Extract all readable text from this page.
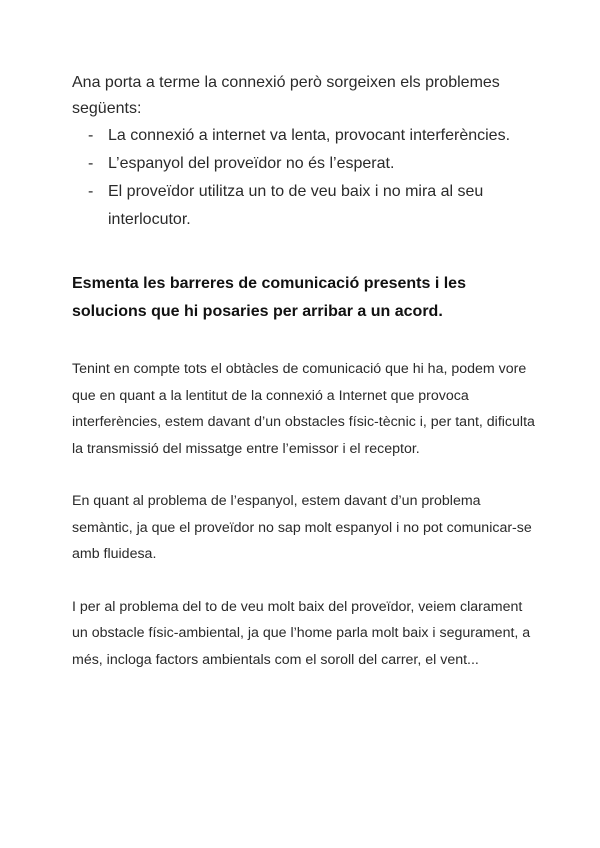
Ana porta a terme la connexió però sorgeixen els problemes següents:

- La connexió a internet va lenta, provocant interferències.
- L’espanyol del proveïdor no és l’esperat.
- El proveïdor utilitza un to de veu baix i no mira al seu interlocutor.

Esmenta les barreres de comunicació presents i les solucions que hi posaries per arribar a un acord.

Tenint en compte tots el obtàcles de comunicació que hi ha, podem vore que en quant a la lentitut de la connexió a Internet que provoca interferències, estem davant d’un obstacles físic-tècnic i, per tant, dificulta la transmissió del missatge entre l’emissor i el receptor.

En quant al problema de l’espanyol, estem davant d’un problema semàntic, ja que el proveïdor no sap molt espanyol i no pot comunicar-se amb fluidesa.

I per al problema del to de veu molt baix del proveïdor, veiem clarament un obstacle físic-ambiental, ja que l’home parla molt baix i segurament, a més, incloga factors ambientals com el soroll del carrer, el vent...
